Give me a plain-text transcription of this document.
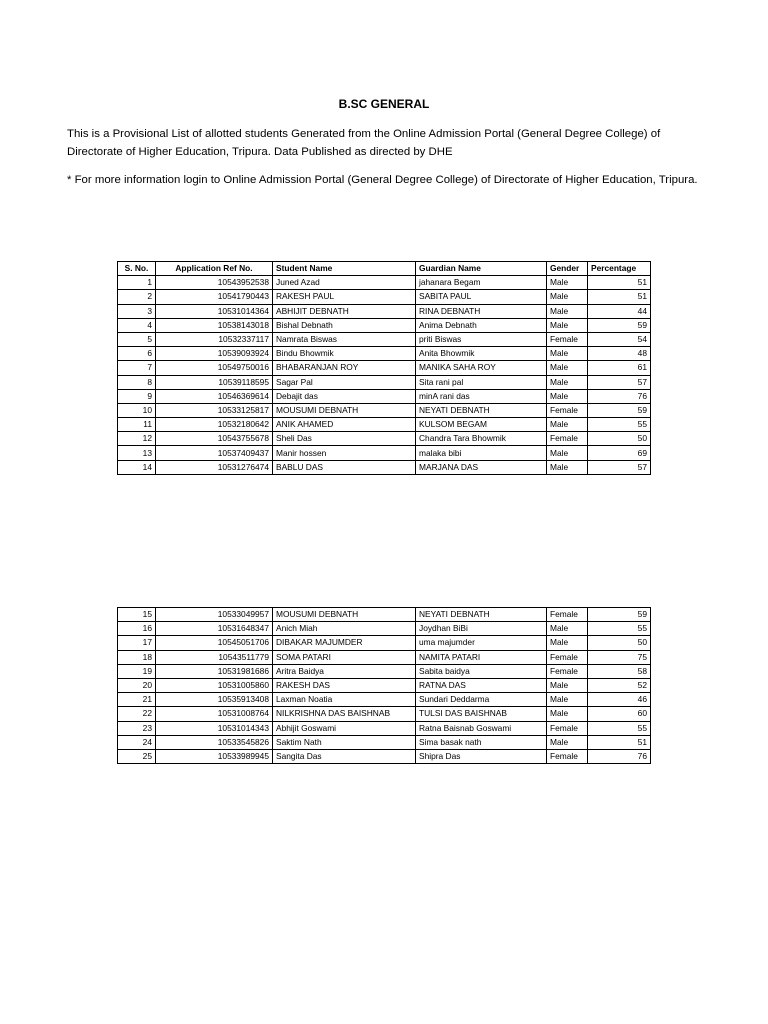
B.SC GENERAL
This is a Provisional List of allotted students Generated from the Online Admission Portal (General Degree College) of Directorate of Higher Education, Tripura. Data Published as directed by DHE
* For more information login to Online Admission Portal (General Degree College) of Directorate of Higher Education, Tripura.
S. No.	Application Ref No.	Student Name	Guardian Name	Gender	Percentage
1	10543952538	Juned Azad	jahanara Begam	Male	51
2	10541790443	RAKESH PAUL	SABITA PAUL	Male	51
3	10531014364	ABHIJIT DEBNATH	RINA DEBNATH	Male	44
4	10538143018	Bishal Debnath	Anima Debnath	Male	59
5	10532337117	Namrata Biswas	priti Biswas	Female	54
6	10539093924	Bindu Bhowmik	Anita Bhowmik	Male	48
7	10549750016	BHABARANJAN ROY	MANIKA SAHA ROY	Male	61
8	10539118595	Sagar Pal	Sita rani pal	Male	57
9	10546369614	Debajit das	minA rani das	Male	76
10	10533125817	MOUSUMI DEBNATH	NEYATI DEBNATH	Female	59
11	10532180642	ANIK AHAMED	KULSOM BEGAM	Male	55
12	10543755678	Sheli Das	Chandra Tara Bhowmik	Female	50
13	10537409437	Manir hossen	malaka bibi	Male	69
14	10531276474	BABLU DAS	MARJANA DAS	Male	57
15	10533049957	MOUSUMI DEBNATH	NEYATI DEBNATH	Female	59
16	10531648347	Anich Miah	Joydhan BiBi	Male	55
17	10545051706	DIBAKAR MAJUMDER	uma majumder	Male	50
18	10543511779	SOMA PATARI	NAMITA PATARI	Female	75
19	10531981686	Aritra Baidya	Sabita baidya	Female	58
20	10531005860	RAKESH DAS	RATNA DAS	Male	52
21	10535913408	Laxman Noatia	Sundari Deddarma	Male	46
22	10531008764	NILKRISHNA DAS BAISHNAB	TULSI DAS BAISHNAB	Male	60
23	10531014343	Abhijit Goswami	Ratna Baisnab Goswami	Female	55
24	10533545826	Saktim Nath	Sima basak nath	Male	51
25	10533989945	Sangita Das	Shipra Das	Female	76
